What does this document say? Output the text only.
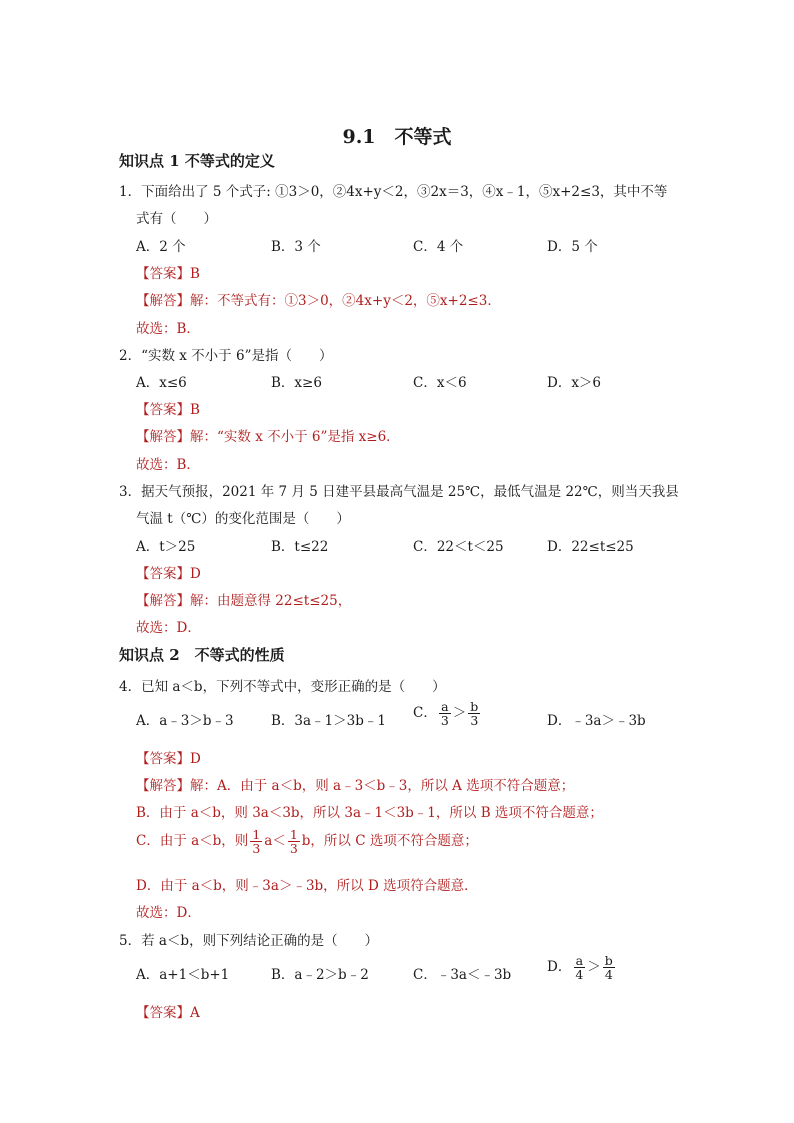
9.1　不等式
知识点 1 不等式的定义
1．下面给出了 5 个式子: ①3＞0，②4x+y＜2，③2x＝3，④x﹣1，⑤x+2≤3，其中不等
式有（　　）
A．2 个	B．3 个	C．4 个	D．5 个
【答案】B
【解答】解：不等式有：①3＞0，②4x+y＜2，⑤x+2≤3．
故选：B．
2．“实数 x 不小于 6”是指（　　）
A．x≤6	B．x≥6	C．x＜6	D．x＞6
【答案】B
【解答】解：“实数 x 不小于 6”是指 x≥6．
故选：B．
3．据天气预报，2021 年 7 月 5 日建平县最高气温是 25℃，最低气温是 22℃，则当天我县
气温 t（℃）的变化范围是（　　）
A．t＞25	B．t≤22	C．22＜t＜25	D．22≤t≤25
【答案】D
【解答】解：由题意得 22≤t≤25，
故选：D．
知识点 2　不等式的性质
4．已知 a＜b，下列不等式中，变形正确的是（　　）
A．a﹣3＞b﹣3	B．3a﹣1＞3b﹣1 C． $\frac{a}{3} > \frac{b}{3}$	D．﹣3a＞﹣3b
【答案】D
【解答】解：A．由于 a＜b，则 a﹣3＜b﹣3，所以 A 选项不符合题意；
B．由于 a＜b，则 3a＜3b，所以 3a﹣1＜3b﹣1，所以 B 选项不符合题意；
C．由于 a＜b，则 $\frac{1}{3} a< \frac{1}{3}$ b，所以 C 选项不符合题意；
D．由于 a＜b，则﹣3a＞﹣3b，所以 D 选项符合题意．
故选：D．
5．若 a＜b，则下列结论正确的是（　　）
A．a+1＜b+1	B．a﹣2＞b﹣2	C．﹣3a＜﹣3b	D． $\frac{a}{4} > \frac{b}{4}$
【答案】A
